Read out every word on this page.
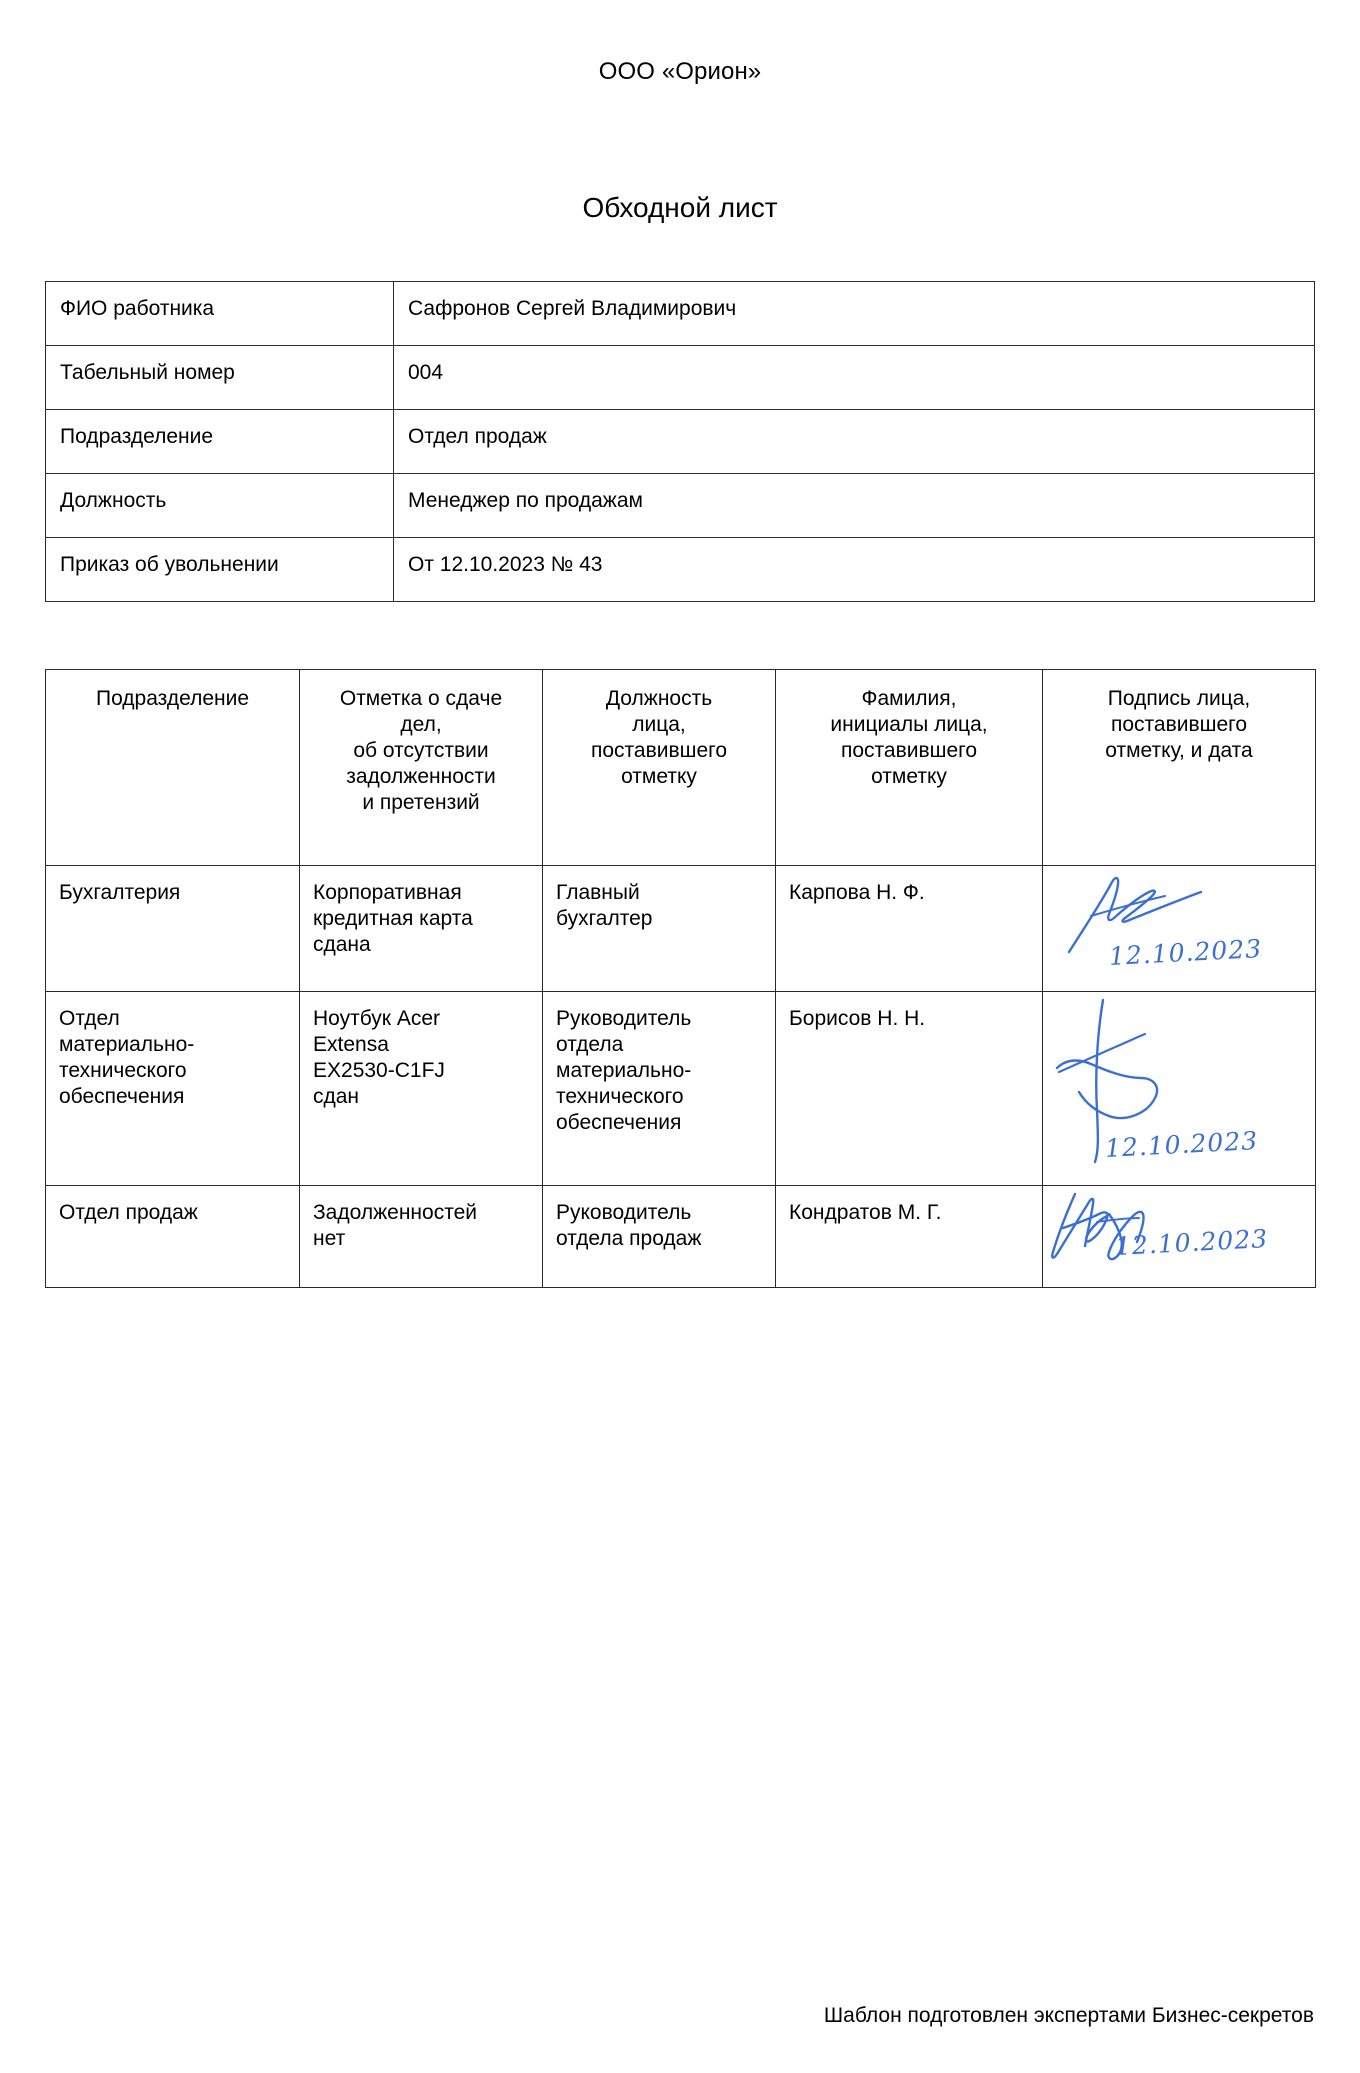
ООО «Орион»
Обходной лист
ФИО работника	Сафронов Сергей Владимирович
Табельный номер	004
Подразделение	Отдел продаж
Должность	Менеджер по продажам
Приказ об увольнении	От 12.10.2023 № 43
Подразделение	Отметка о сдаче
дел,
об отсутствии
задолженности
и претензий	Должность
лица,
поставившего
отметку	Фамилия,
инициалы лица,
поставившего
отметку	Подпись лица,
поставившего
отметку, и дата

Бухгалтерия	Корпоративная
кредитная карта
сдана	Главный
бухгалтер	Карпова Н. Ф.	12.10.2023

Отдел
материально-
технического
обеспечения	Ноутбук Acer
Extensa
EX2530-C1FJ
сдан	Руководитель
отдела
материально-
технического
обеспечения	Борисов Н. Н.	12.10.2023

Отдел продаж	Задолженностей
нет	Руководитель
отдела продаж	Кондратов М. Г.	12.10.2023
Шаблон подготовлен экспертами Бизнес-секретов
